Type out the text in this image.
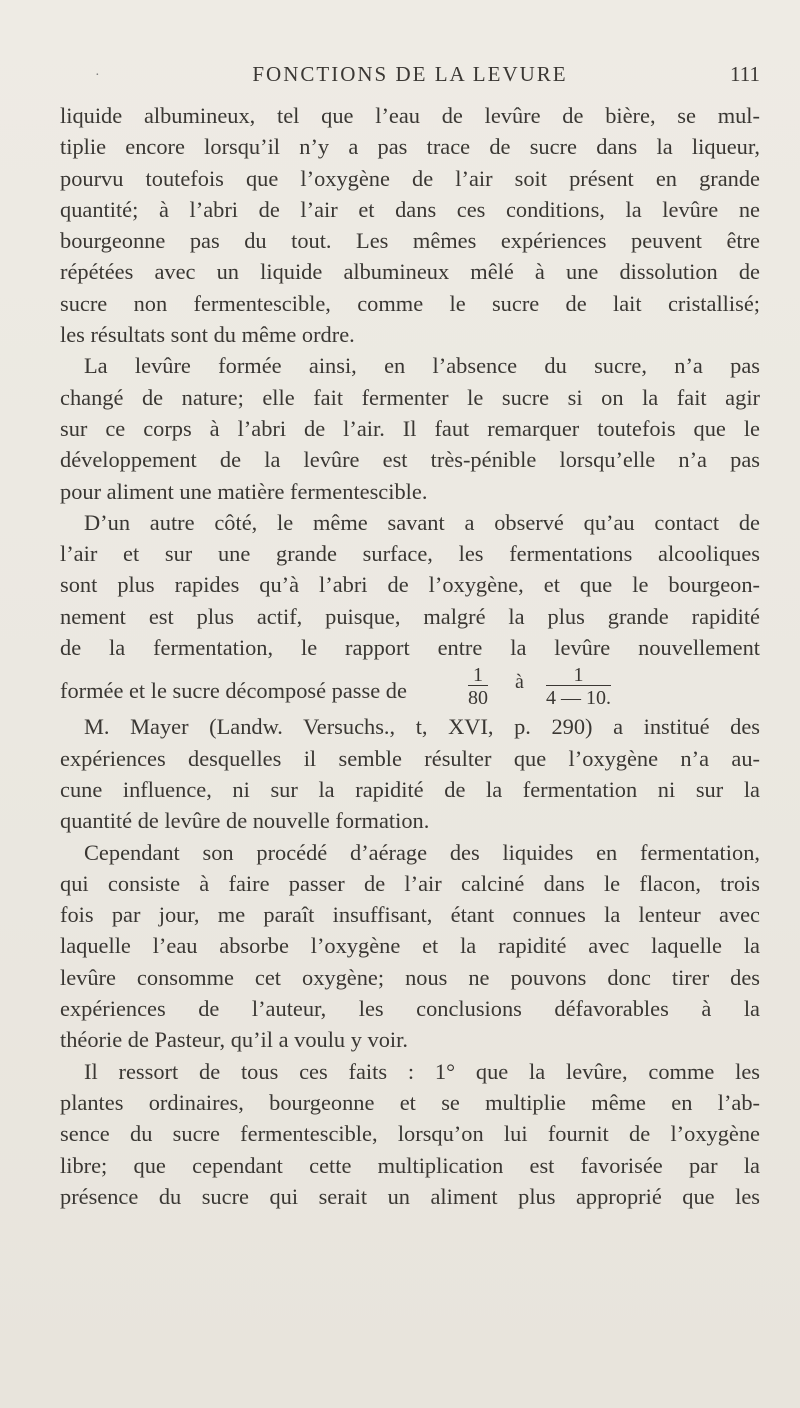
·	FONCTIONS DE LA LEVURE	111
liquide albumineux, tel que l’eau de levûre de bière, se mul-
tiplie encore lorsqu’il n’y a pas trace de sucre dans la liqueur,
pourvu toutefois que l’oxygène de l’air soit présent en grande
quantité; à l’abri de l’air et dans ces conditions, la levûre ne
bourgeonne pas du tout. Les mêmes expériences peuvent être
répétées avec un liquide albumineux mêlé à une dissolution de
sucre non fermentescible, comme le sucre de lait cristallisé;
les résultats sont du même ordre.
La levûre formée ainsi, en l’absence du sucre, n’a pas
changé de nature; elle fait fermenter le sucre si on la fait agir
sur ce corps à l’abri de l’air. Il faut remarquer toutefois que le
développement de la levûre est très-pénible lorsqu’elle n’a pas
pour aliment une matière fermentescible.
D’un autre côté, le même savant a observé qu’au contact de
l’air et sur une grande surface, les fermentations alcooliques
sont plus rapides qu’à l’abri de l’oxygène, et que le bourgeon-
nement est plus actif, puisque, malgré la plus grande rapidité
de la fermentation, le rapport entre la levûre nouvellement
formée et le sucre décomposé passe de	$\frac{1}{80}$ à $\frac{1}{4 — 10.}$
M. Mayer (Landw. Versuchs., t, XVI, p. 290) a institué des
expériences desquelles il semble résulter que l’oxygène n’a au-
cune influence, ni sur la rapidité de la fermentation ni sur la
quantité de levûre de nouvelle formation.
Cependant son procédé d’aérage des liquides en fermentation,
qui consiste à faire passer de l’air calciné dans le flacon, trois
fois par jour, me paraît insuffisant, étant connues la lenteur avec
laquelle l’eau absorbe l’oxygène et la rapidité avec laquelle la
levûre consomme cet oxygène; nous ne pouvons donc tirer des
expériences de l’auteur, les conclusions défavorables à la
théorie de Pasteur, qu’il a voulu y voir.
Il ressort de tous ces faits : 1° que la levûre, comme les
plantes ordinaires, bourgeonne et se multiplie même en l’ab-
sence du sucre fermentescible, lorsqu’on lui fournit de l’oxygène
libre; que cependant cette multiplication est favorisée par la
présence du sucre qui serait un aliment plus approprié que les
